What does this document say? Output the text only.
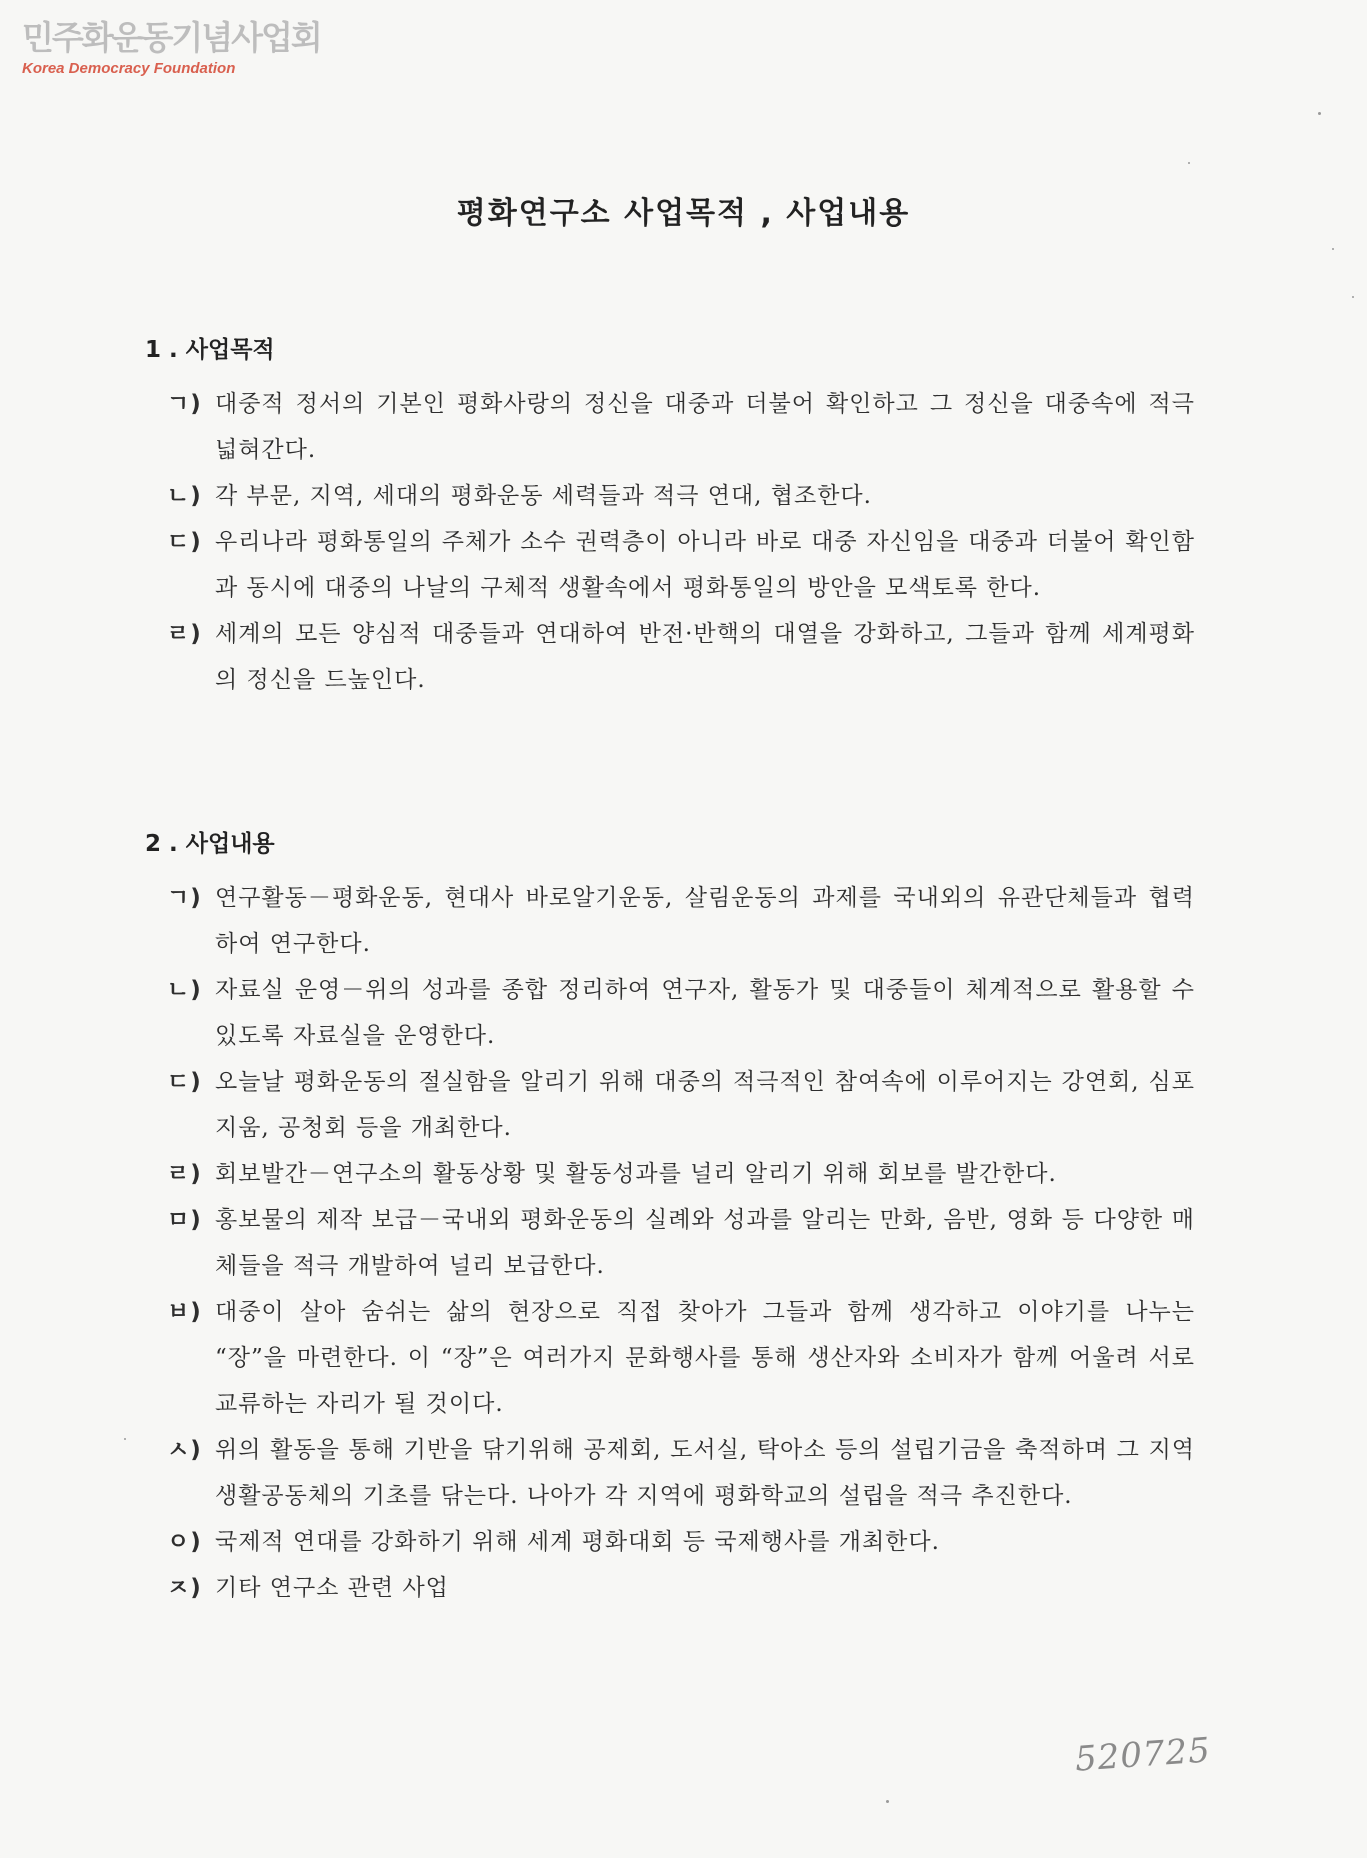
민주화운동기념사업회
Korea Democracy Foundation
평화연구소 사업목적 , 사업내용
1 . 사업목적
ㄱ) 대중적 정서의 기본인 평화사랑의 정신을 대중과 더불어 확인하고 그 정신을 대중속에 적극 넓혀간다.
ㄴ) 각 부문, 지역, 세대의 평화운동 세력들과 적극 연대, 협조한다.
ㄷ) 우리나라 평화통일의 주체가 소수 권력층이 아니라 바로 대중 자신임을 대중과 더불어 확인함과 동시에 대중의 나날의 구체적 생활속에서 평화통일의 방안을 모색토록 한다.
ㄹ) 세계의 모든 양심적 대중들과 연대하여 반전·반핵의 대열을 강화하고, 그들과 함께 세계평화의 정신을 드높인다.
2 . 사업내용
ㄱ) 연구활동－평화운동, 현대사 바로알기운동, 살림운동의 과제를 국내외의 유관단체들과 협력하여 연구한다.
ㄴ) 자료실 운영－위의 성과를 종합 정리하여 연구자, 활동가 및 대중들이 체계적으로 활용할 수 있도록 자료실을 운영한다.
ㄷ) 오늘날 평화운동의 절실함을 알리기 위해 대중의 적극적인 참여속에 이루어지는 강연회, 심포지움, 공청회 등을 개최한다.
ㄹ) 회보발간－연구소의 활동상황 및 활동성과를 널리 알리기 위해 회보를 발간한다.
ㅁ) 홍보물의 제작 보급－국내외 평화운동의 실례와 성과를 알리는 만화, 음반, 영화 등 다양한 매체들을 적극 개발하여 널리 보급한다.
ㅂ) 대중이 살아 숨쉬는 삶의 현장으로 직접 찾아가 그들과 함께 생각하고 이야기를 나누는 “장”을 마련한다. 이 “장”은 여러가지 문화행사를 통해 생산자와 소비자가 함께 어울려 서로 교류하는 자리가 될 것이다.
ㅅ) 위의 활동을 통해 기반을 닦기위해 공제회, 도서실, 탁아소 등의 설립기금을 축적하며 그 지역 생활공동체의 기초를 닦는다. 나아가 각 지역에 평화학교의 설립을 적극 추진한다.
ㅇ) 국제적 연대를 강화하기 위해 세계 평화대회 등 국제행사를 개최한다.
ㅈ) 기타 연구소 관련 사업
520725
